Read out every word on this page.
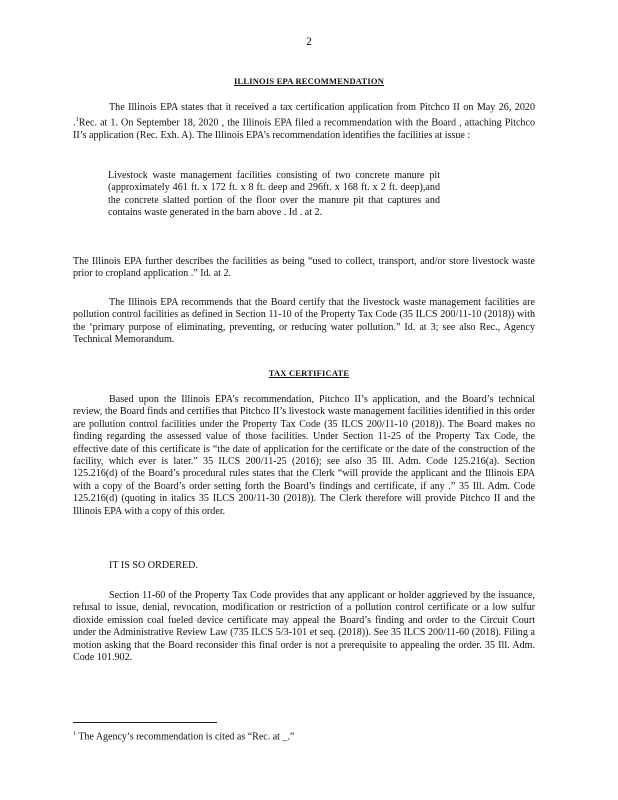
2
ILLINOIS EPA RECOMMENDATION

The Illinois EPA states that it received a tax certification application from Pitchco II on May 26, 2020 .$^1$Rec. at 1. On September 18, 2020 , the Illinois EPA filed a recommendation with the Board , attaching Pitchco II’s application (Rec. Exh. A). The Illinois EPA’s recommendation identifies the facilities at issue :

Livestock waste management facilities consisting of two concrete manure pit (approximately 461 ft. x 172 ft. x 8 ft. deep and 296ft. x 168 ft. x 2 ft. deep),and the concrete slatted portion of the floor over the manure pit that captures and contains waste generated in the barn above . Id . at 2.

The Illinois EPA further describes the facilities as being “used to collect, transport, and/or store livestock waste prior to cropland application .” Id. at 2.

The Illinois EPA recommends that the Board certify that the livestock waste management facilities are pollution control facilities as defined in Section 11-10 of the Property Tax Code (35 ILCS 200/11-10 (2018)) with the ‘primary purpose of eliminating, preventing, or reducing water pollution.” Id. at 3; see also Rec., Agency Technical Memorandum.

TAX CERTIFICATE

Based upon the Illinois EPA’s recommendation, Pitchco II’s application, and the Board’s technical review, the Board finds and certifies that Pitchco II’s livestock waste management facilities identified in this order are pollution control facilities under the Property Tax Code (35 ILCS 200/11-10 (2018)). The Board makes no finding regarding the assessed value of those facilities. Under Section 11-25 of the Property Tax Code, the effective date of this certificate is “the date of application for the certificate or the date of the construction of the facility, which ever is later.” 35 ILCS 200/11-25 (2016); see also 35 Ill. Adm. Code 125.216(a). Section 125.216(d) of the Board’s procedural rules states that the Clerk “will provide the applicant and the Illinois EPA with a copy of the Board’s order setting forth the Board’s findings and certificate, if any .” 35 Ill. Adm. Code 125.216(d) (quoting in italics 35 ILCS 200/11-30 (2018)). The Clerk therefore will provide Pitchco II and the Illinois EPA with a copy of this order.

IT IS SO ORDERED.

Section 11-60 of the Property Tax Code provides that any applicant or holder aggrieved by the issuance, refusal to issue, denial, revocation, modification or restriction of a pollution control certificate or a low sulfur dioxide emission coal fueled device certificate may appeal the Board’s finding and order to the Circuit Court under the Administrative Review Law (735 ILCS 5/3-101 et seq. (2018)). See 35 ILCS 200/11-60 (2018). Filing a motion asking that the Board reconsider this final order is not a prerequisite to appealing the order. 35 Ill. Adm. Code 101.902.

$^1$ The Agency’s recommendation is cited as “Rec. at _.”
